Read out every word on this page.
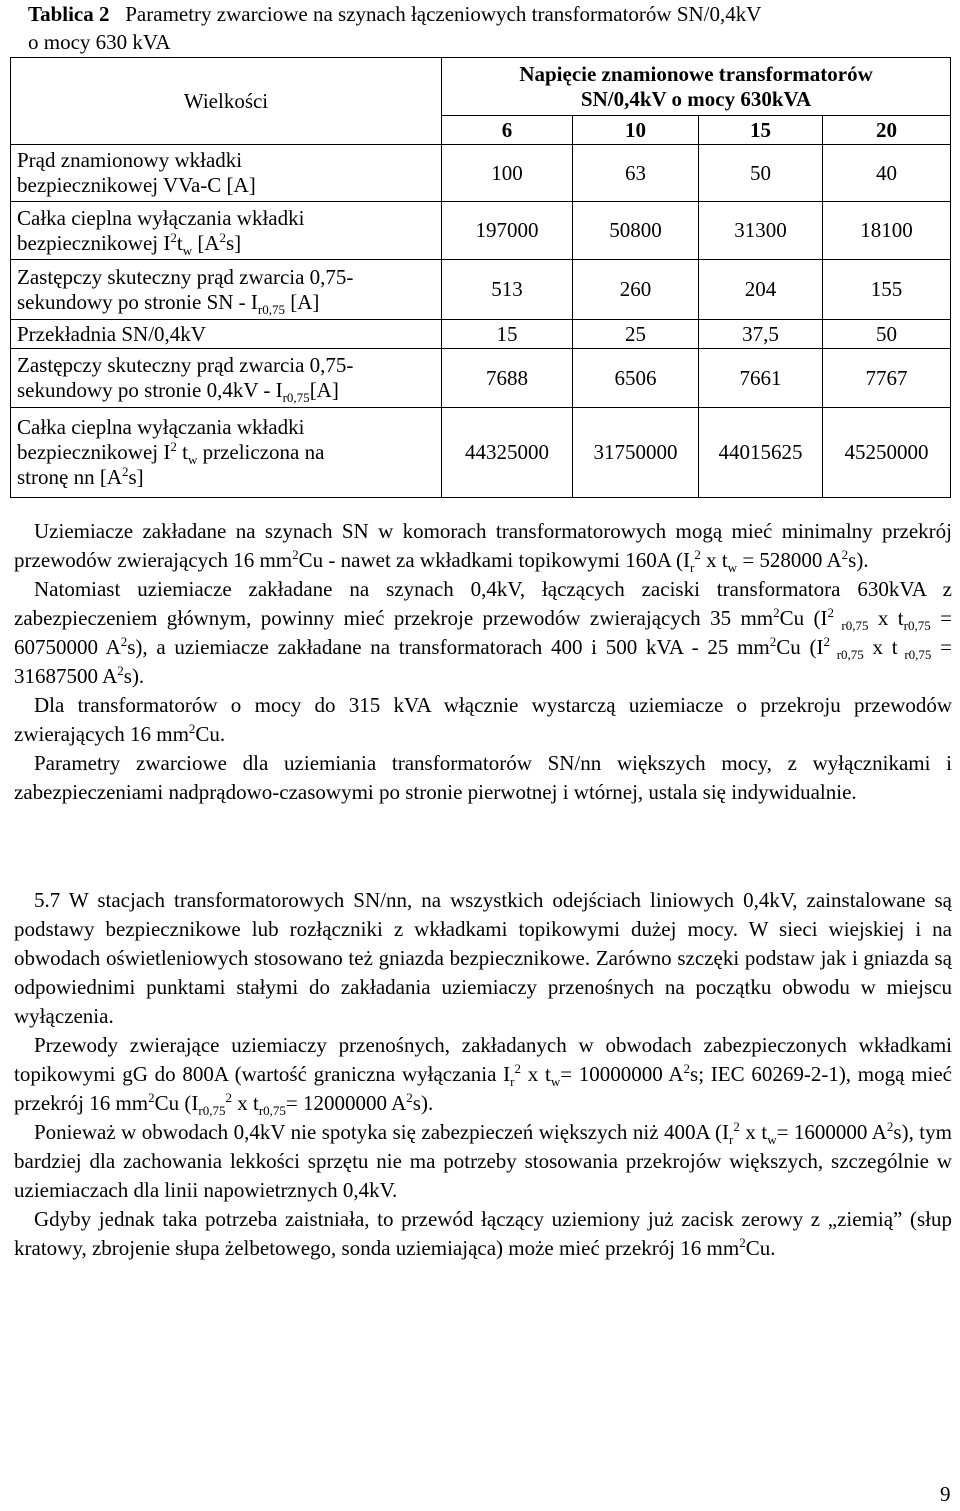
Tablica 2 Parametry zwarciowe na szynach łączeniowych transformatorów SN/0,4kV
o mocy 630 kVA
Wielkości	Napięcie znamionowe transformatorów
SN/0,4kV o mocy 630kVA			

	6	10	15	20

Prąd znamionowy wkładki
bezpiecznikowej VVa-C [A]	100	63	50	40

Całka cieplna wyłączania wkładki
bezpiecznikowej $I^2t_w$ $[A^2s]$	197000	50800	31300	18100

Zastępczy skuteczny prąd zwarcia 0,75-
sekundowy po stronie SN - $I_{r0,75}$ [A]	513	260	204	155
Przekładnia SN/0,4kV	15	25	37,5	50

Zastępczy skuteczny prąd zwarcia 0,75-
sekundowy po stronie $0,4kV - I_{r0,75}[A]$	7688	6506	7661	7767

Całka cieplna wyłączania wkładki
bezpiecznikowej $I^2$ $t_w$ przeliczona na
stronę nn $[A^2s]$	44325000	31750000	44015625	45250000

Uziemiacze zakładane na szynach SN w komorach transformatorowych mogą mieć minimalny przekrój przewodów zwierających 16 $mm^2Cu$ - nawet za wkładkami topikowymi 160A ($I_r^2$ x $t_w = 528000$ $A^2s$).

Natomiast uziemiacze zakładane na szynach 0,4kV, łączących zaciski transformatora 630kVA z zabezpieczeniem głównym, powinny mieć przekroje przewodów zwierających 35 $mm^2Cu$ ($I^2$ $_{r0,75}$ x $t_{r0,75} = 60750000$ $A^2s$), a uziemiacze zakładane na transformatorach 400 i 500 kVA - 25 $mm^2Cu$ ($I^2$ $_{r0,75}$ x t $_{r0,75}$ = 31687500 $A^2s$).

Dla transformatorów o mocy do 315 kVA włącznie wystarczą uziemiacze o przekroju przewodów zwierających 16 $mm^2Cu$.

Parametry zwarciowe dla uziemiania transformatorów SN/nn większych mocy, z wyłącznikami i zabezpieczeniami nadprądowo-czasowymi po stronie pierwotnej i wtórnej, ustala się indywidualnie.

5.7 W stacjach transformatorowych SN/nn, na wszystkich odejściach liniowych 0,4kV, zainstalowane są podstawy bezpiecznikowe lub rozłączniki z wkładkami topikowymi dużej mocy. W sieci wiejskiej i na obwodach oświetleniowych stosowano też gniazda bezpiecznikowe. Zarówno szczęki podstaw jak i gniazda są odpowiednimi punktami stałymi do zakładania uziemiaczy przenośnych na początku obwodu w miejscu wyłączenia.

Przewody zwierające uziemiaczy przenośnych, zakładanych w obwodach zabezpieczonych wkładkami topikowymi gG do 800A (wartość graniczna wyłączania $I_r^2$ x $t_w= 10000000$ $A^2s$; IEC 60269-2-1), mogą mieć przekrój 16 $mm^2Cu$ ($I_{r0,75}^2$ x $t_{r0,75}= 12000000$ $A^2s$).

Ponieważ w obwodach 0,4kV nie spotyka się zabezpieczeń większych niż 400A ($I_r^2$ x $t_w= 1600000$ $A^2s$), tym bardziej dla zachowania lekkości sprzętu nie ma potrzeby stosowania przekrojów większych, szczególnie w uziemiaczach dla linii napowietrznych 0,4kV.

Gdyby jednak taka potrzeba zaistniała, to przewód łączący uziemiony już zacisk zerowy z „ziemią” (słup kratowy, zbrojenie słupa żelbetowego, sonda uziemiająca) może mieć przekrój 16 $mm^2Cu$.

9
